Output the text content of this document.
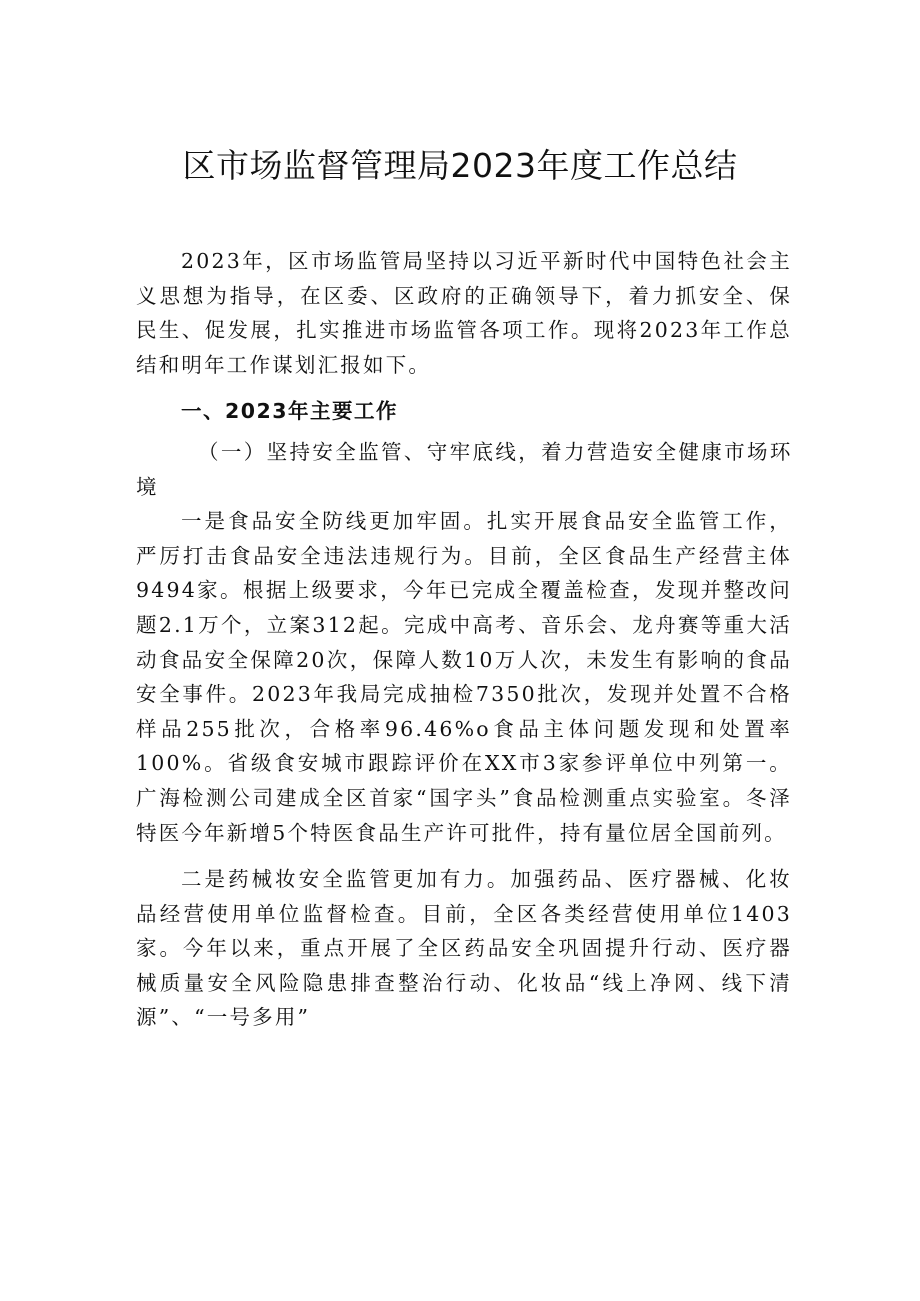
区市场监督管理局2023年度工作总结

2023年，区市场监管局坚持以习近平新时代中国特色社会主义思想为指导，在区委、区政府的正确领导下，着力抓安全、保民生、促发展，扎实推进市场监管各项工作。现将2023年工作总结和明年工作谋划汇报如下。

一、2023年主要工作

（一）坚持安全监管、守牢底线，着力营造安全健康市场环境

一是食品安全防线更加牢固。扎实开展食品安全监管工作，严厉打击食品安全违法违规行为。目前，全区食品生产经营主体9494家。根据上级要求，今年已完成全覆盖检查，发现并整改问题2.1万个，立案312起。完成中高考、音乐会、龙舟赛等重大活动食品安全保障20次，保障人数10万人次，未发生有影响的食品安全事件。2023年我局完成抽检7350批次，发现并处置不合格样品255批次，合格率96.46%o食品主体问题发现和处置率100%。省级食安城市跟踪评价在XX市3家参评单位中列第一。广海检测公司建成全区首家“国字头”食品检测重点实验室。冬泽特医今年新增5个特医食品生产许可批件，持有量位居全国前列。

二是药械妆安全监管更加有力。加强药品、医疗器械、化妆品经营使用单位监督检查。目前，全区各类经营使用单位1403家。今年以来，重点开展了全区药品安全巩固提升行动、医疗器械质量安全风险隐患排查整治行动、化妆品“线上净网、线下清源”、“一号多用”
